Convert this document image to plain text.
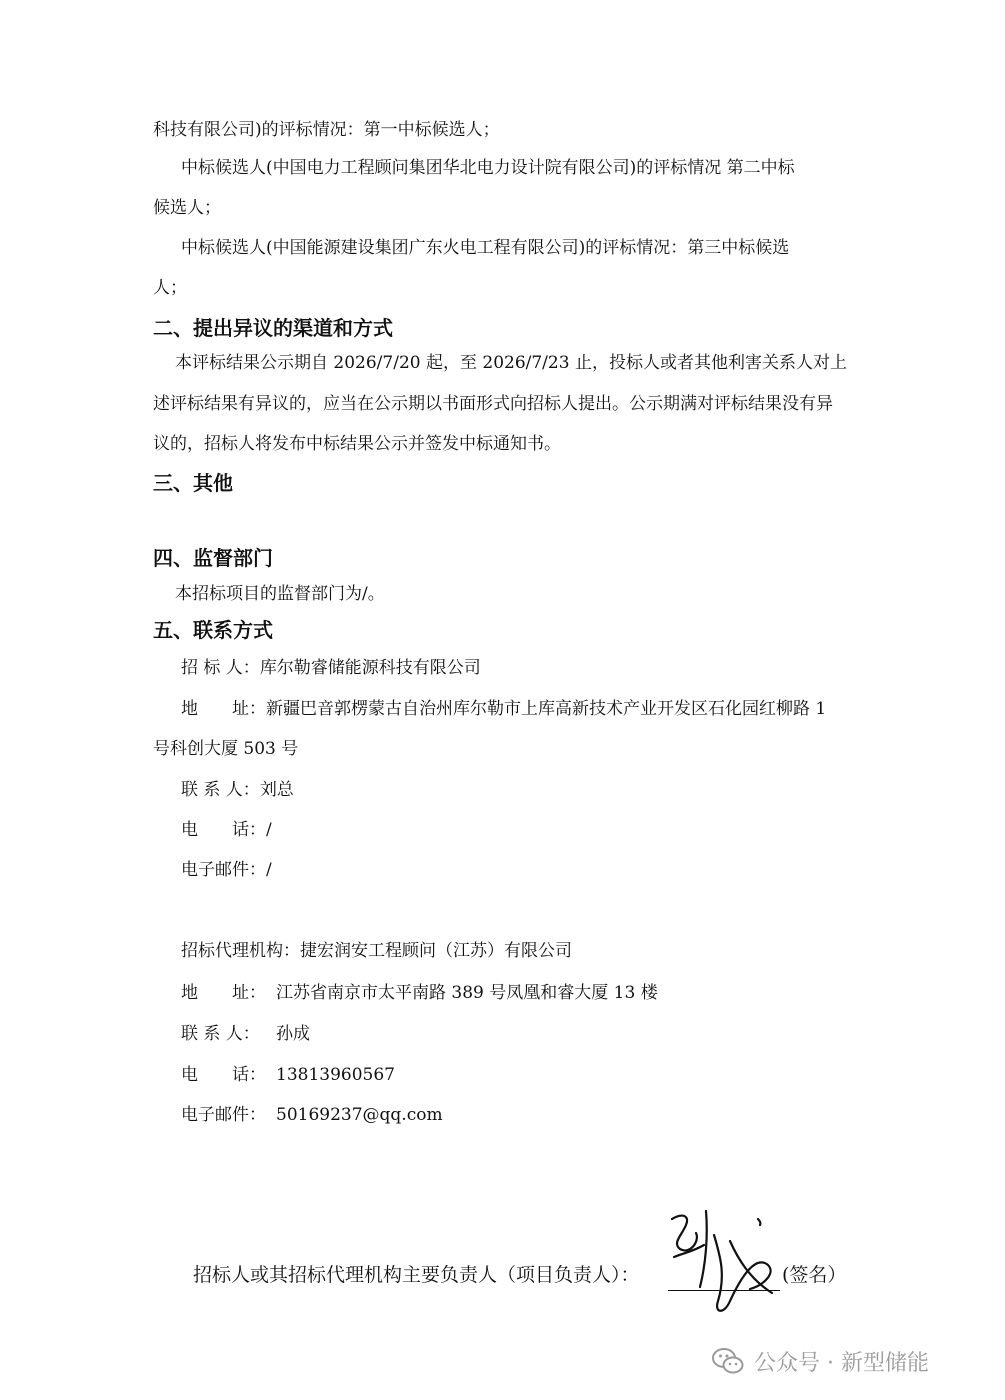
科技有限公司)的评标情况：第一中标候选人；
中标候选人(中国电力工程顾问集团华北电力设计院有限公司)的评标情况 第二中标
候选人；
中标候选人(中国能源建设集团广东火电工程有限公司)的评标情况：第三中标候选
人；
二、提出异议的渠道和方式
本评标结果公示期自 2026/7/20 起，至 2026/7/23 止，投标人或者其他利害关系人对上
述评标结果有异议的，应当在公示期以书面形式向招标人提出。公示期满对评标结果没有异
议的，招标人将发布中标结果公示并签发中标通知书。
三、其他
四、监督部门
本招标项目的监督部门为/。
五、联系方式
招 标 人：库尔勒睿储能源科技有限公司
地　　址：新疆巴音郭楞蒙古自治州库尔勒市上库高新技术产业开发区石化园红柳路 1
号科创大厦 503 号
联 系 人：刘总
电　　话：/
电子邮件：/
招标代理机构：捷宏润安工程顾问（江苏）有限公司
地　　址： 江苏省南京市太平南路 389 号凤凰和睿大厦 13 楼
联 系 人： 孙成
电　　话： 13813960567
电子邮件： 50169237@qq.com
招标人或其招标代理机构主要负责人（项目负责人）：	(签名）
公众号 · 新型储能
